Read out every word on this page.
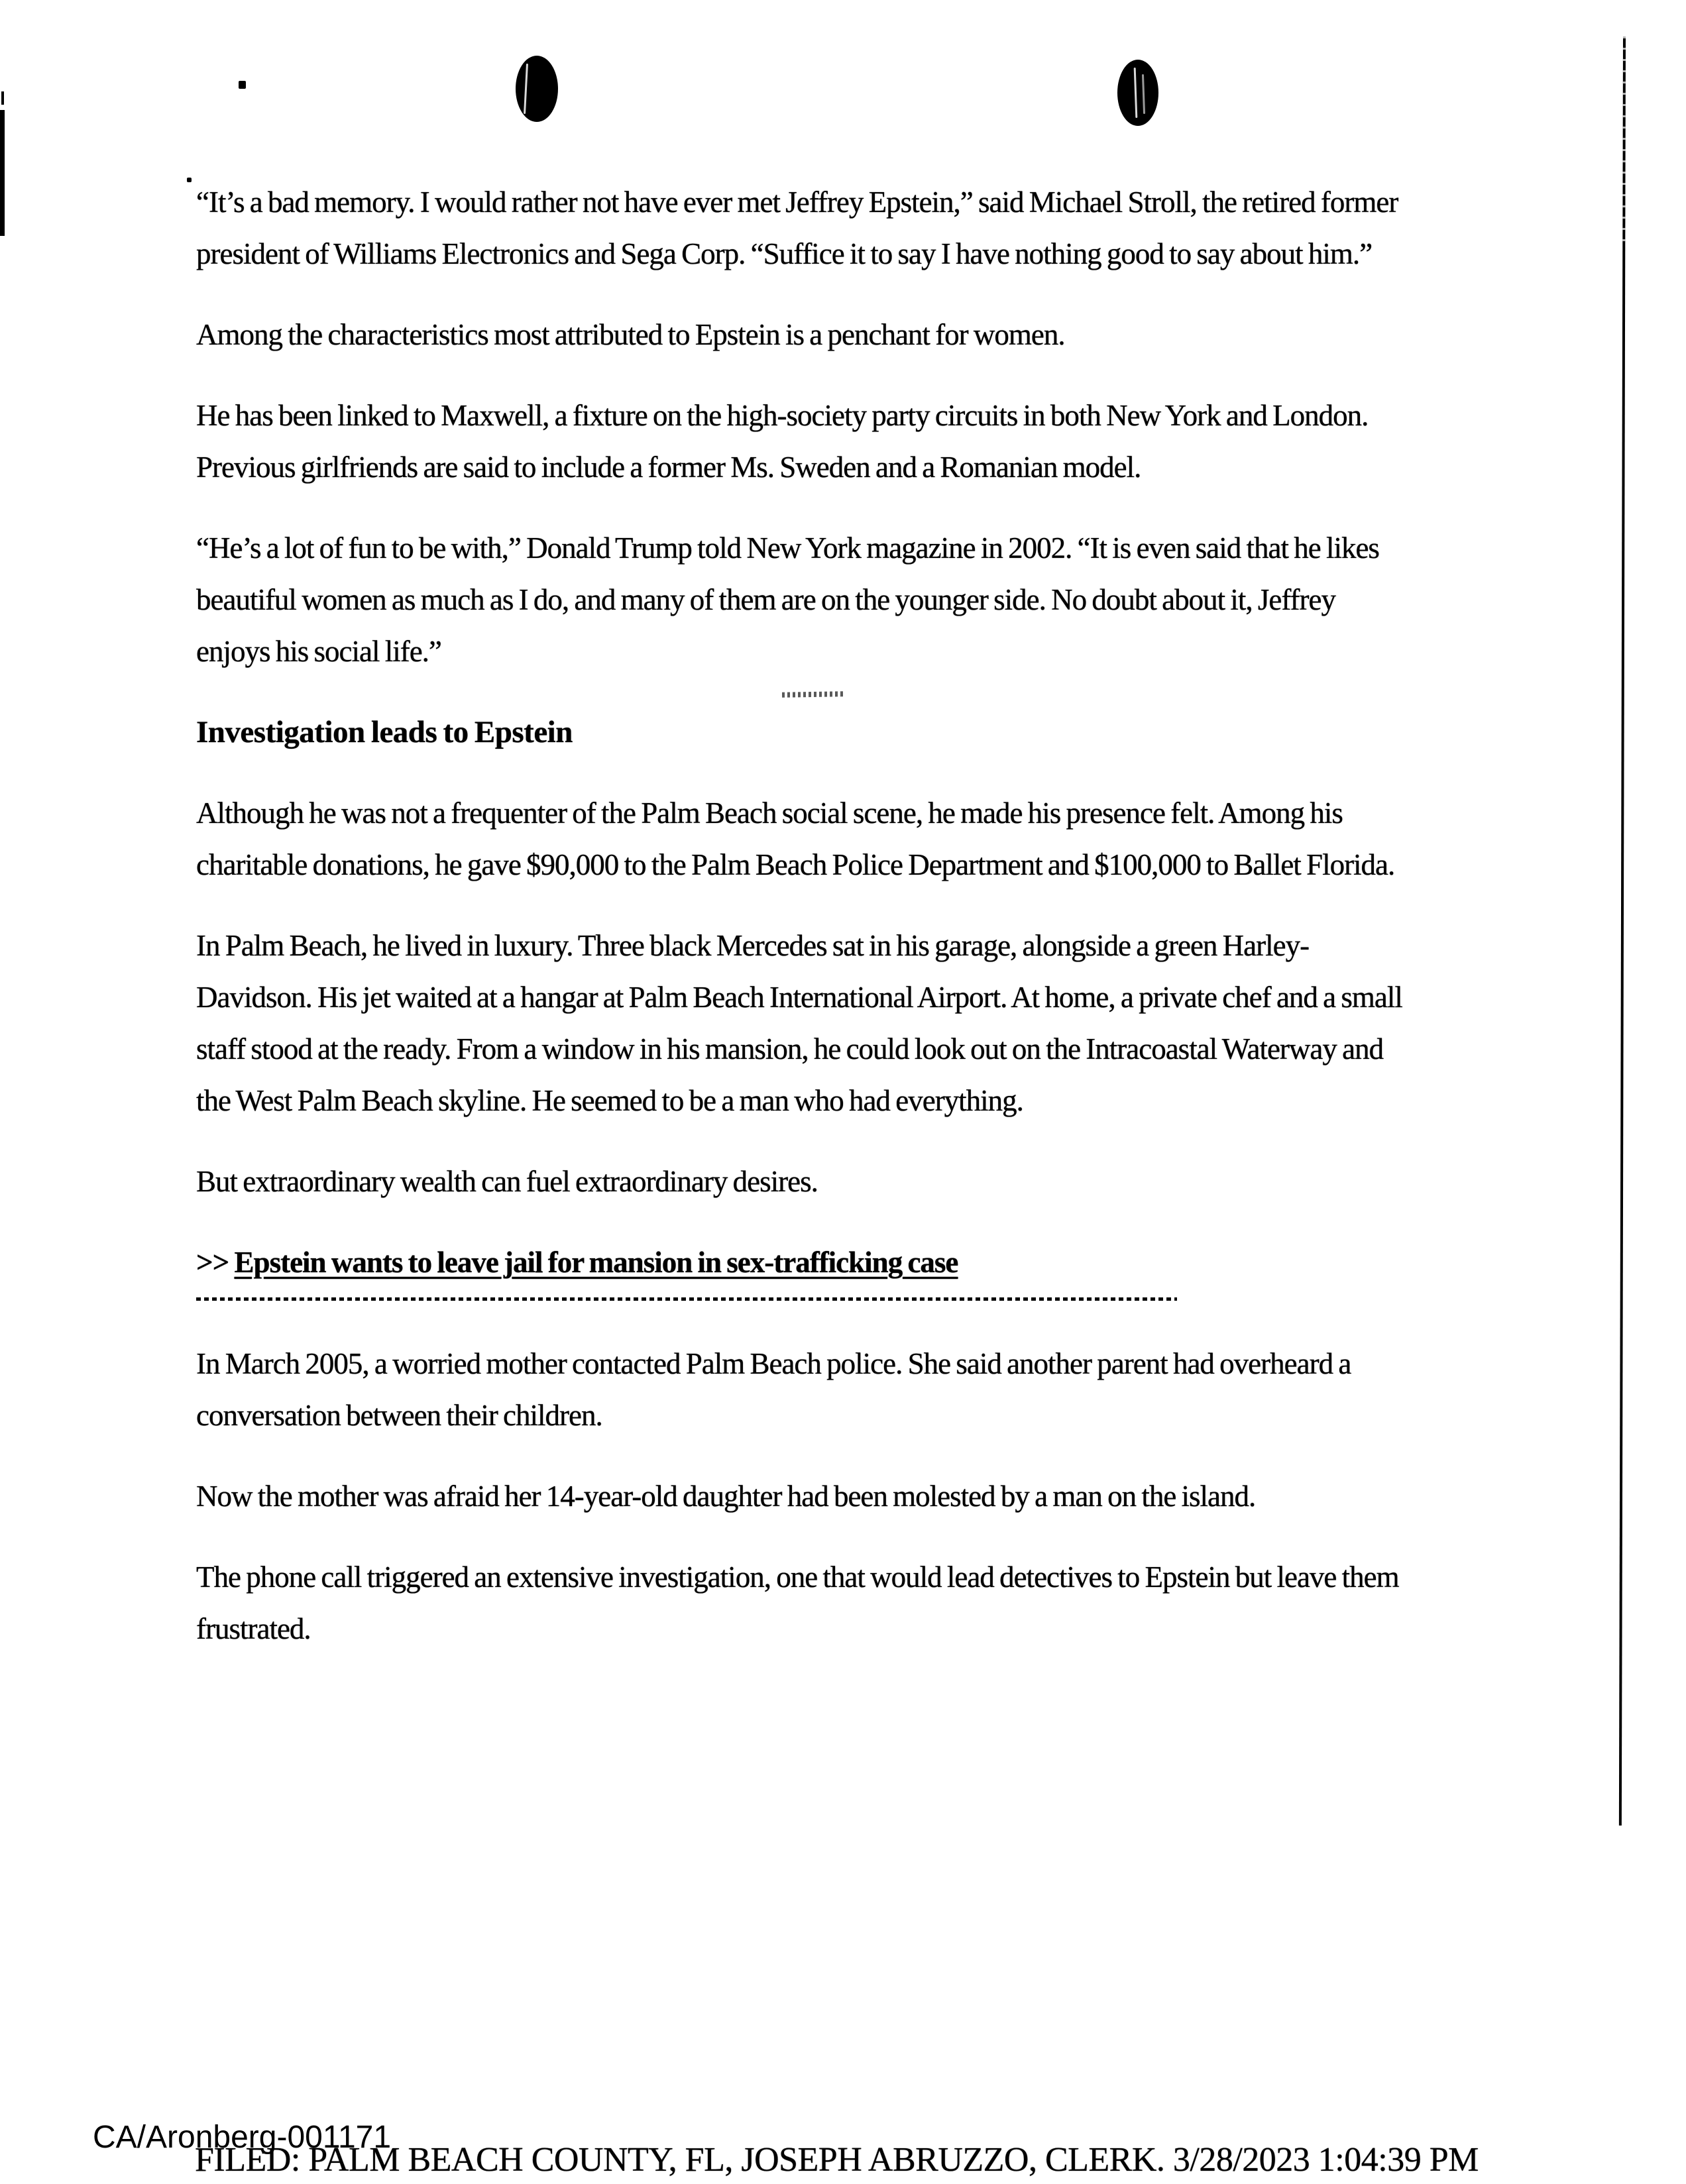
“It’s a bad memory. I would rather not have ever met Jeffrey Epstein,” said Michael Stroll, the retired former president of Williams Electronics and Sega Corp. “Suffice it to say I have nothing good to say about him.”

Among the characteristics most attributed to Epstein is a penchant for women.

He has been linked to Maxwell, a fixture on the high-society party circuits in both New York and London. Previous girlfriends are said to include a former Ms. Sweden and a Romanian model.

“He’s a lot of fun to be with,” Donald Trump told New York magazine in 2002. “It is even said that he likes beautiful women as much as I do, and many of them are on the younger side. No doubt about it, Jeffrey enjoys his social life.”

Investigation leads to Epstein

Although he was not a frequenter of the Palm Beach social scene, he made his presence felt. Among his charitable donations, he gave $90,000 to the Palm Beach Police Department and $100,000 to Ballet Florida.

In Palm Beach, he lived in luxury. Three black Mercedes sat in his garage, alongside a green Harley-Davidson. His jet waited at a hangar at Palm Beach International Airport. At home, a private chef and a small staff stood at the ready. From a window in his mansion, he could look out on the Intracoastal Waterway and the West Palm Beach skyline. He seemed to be a man who had everything.

But extraordinary wealth can fuel extraordinary desires.

>> Epstein wants to leave jail for mansion in sex-trafficking case

In March 2005, a worried mother contacted Palm Beach police. She said another parent had overheard a conversation between their children.

Now the mother was afraid her 14-year-old daughter had been molested by a man on the island.

The phone call triggered an extensive investigation, one that would lead detectives to Epstein but leave them frustrated.

CA/Aronberg-001171
FILED: PALM BEACH COUNTY, FL, JOSEPH ABRUZZO, CLERK. 3/28/2023 1:04:39 PM
